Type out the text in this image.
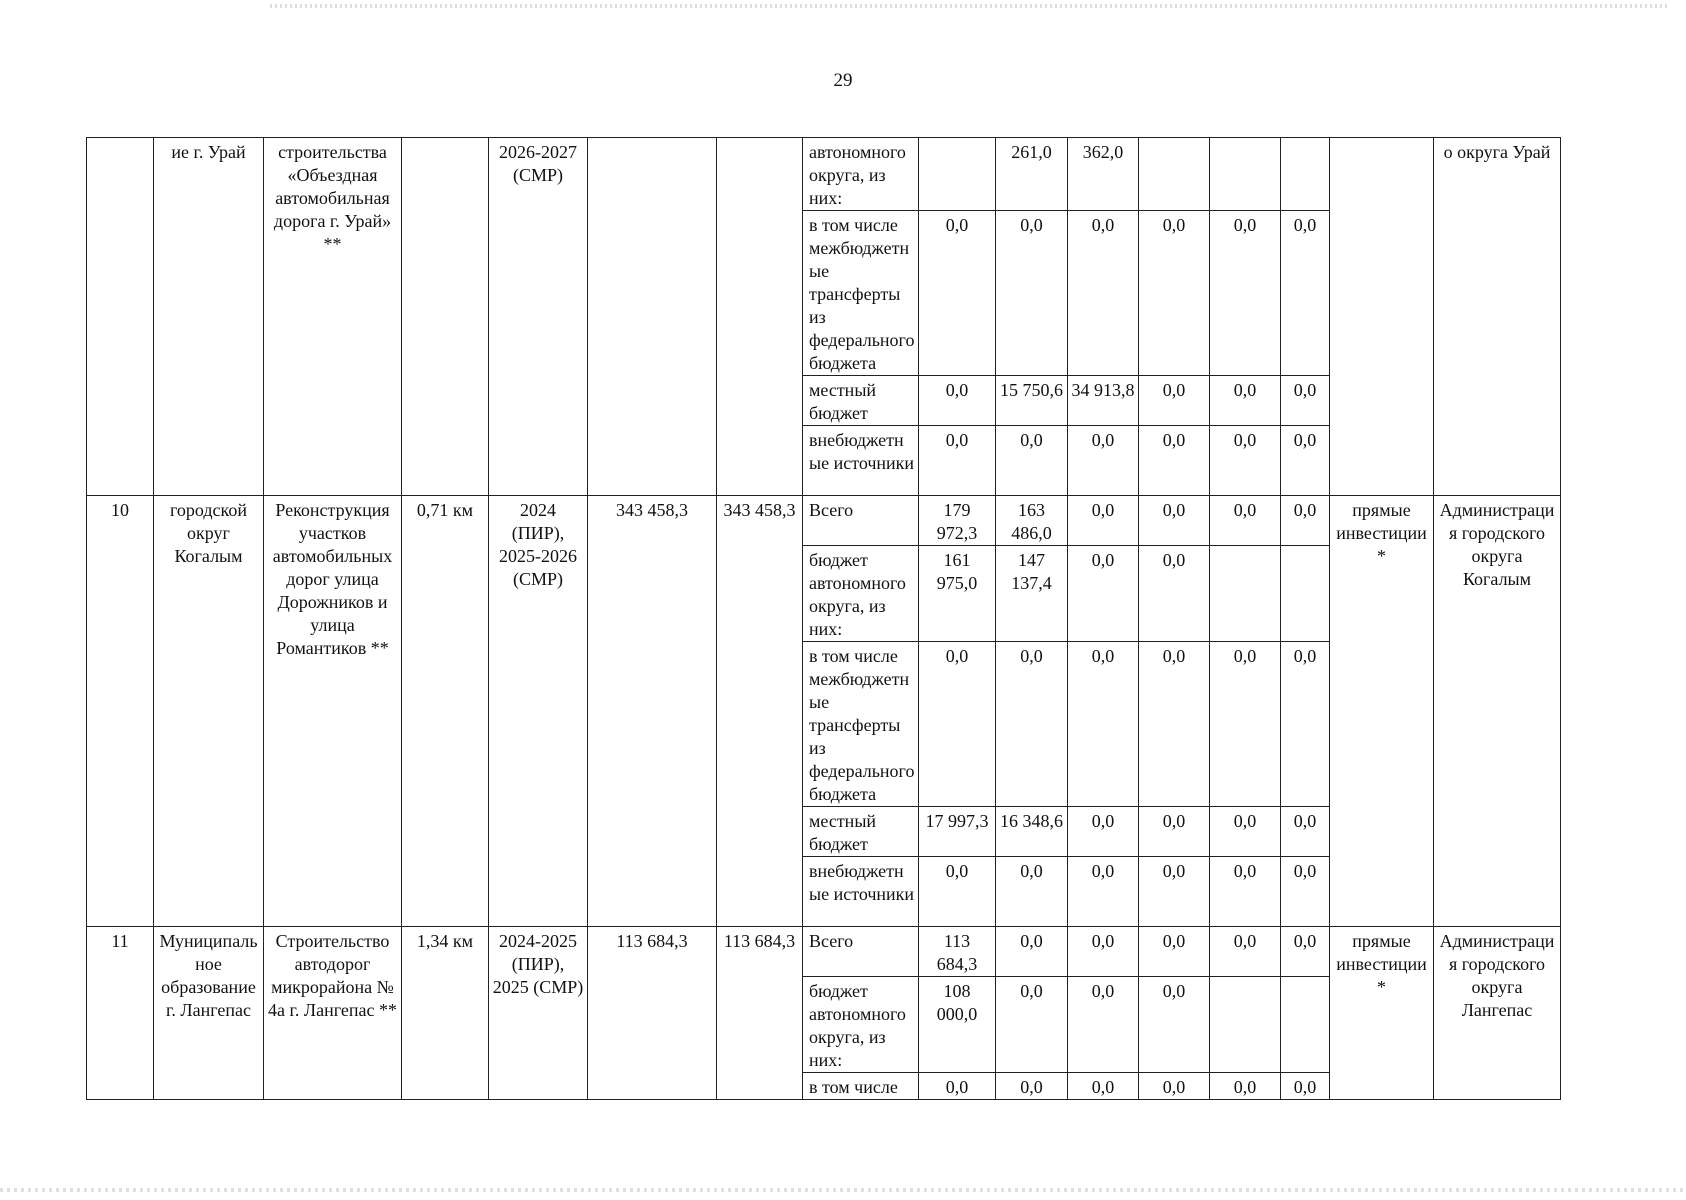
29
	ие г. Урай	строительства «Объездная автомобильная дорога г. Урай» **		2026-2027 (СМР)			автономного округа, из них:		261,0	362,0					о округа Урай
							в том числе межбюджетные трансферты из федерального бюджета	0,0	0,0	0,0	0,0	0,0	0,0		
							местный бюджет	0,0	15 750,6	34 913,8	0,0	0,0	0,0		
							внебюджетные источники	0,0	0,0	0,0	0,0	0,0	0,0		
10	городской округ Когалым	Реконструкция участков автомобильных дорог улица Дорожников и улица Романтиков **	0,71 км	2024 (ПИР), 2025-2026 (СМР)	343 458,3	343 458,3	Всего	179 972,3	163 486,0	0,0	0,0	0,0	0,0	прямые инвестиции *	Администрация городского округа Когалым
							бюджет автономного округа, из них:	161 975,0	147 137,4	0,0	0,0				
							в том числе межбюджетные трансферты из федерального бюджета	0,0	0,0	0,0	0,0	0,0	0,0		
							местный бюджет	17 997,3	16 348,6	0,0	0,0	0,0	0,0		
							внебюджетные источники	0,0	0,0	0,0	0,0	0,0	0,0		
11	Муниципальное образование г. Лангепас	Строительство автодорог микрорайона № 4а г. Лангепас **	1,34 км	2024-2025 (ПИР), 2025 (СМР)	113 684,3	113 684,3	Всего	113 684,3	0,0	0,0	0,0	0,0	0,0	прямые инвестиции *	Администрация городского округа Лангепас
							бюджет автономного округа, из них:	108 000,0	0,0	0,0	0,0				
							в том числе	0,0	0,0	0,0	0,0	0,0	0,0		
